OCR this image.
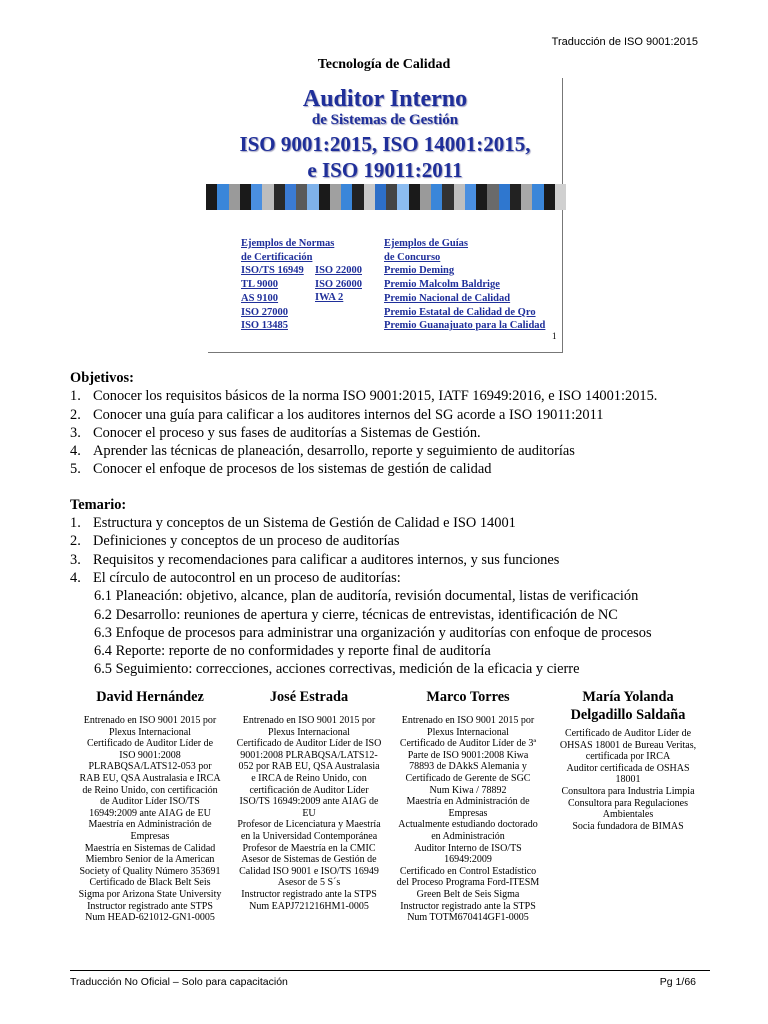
Traducción de ISO 9001:2015
Tecnología de Calidad
Auditor Interno
de Sistemas de Gestión
ISO 9001:2015, ISO 14001:2015,
e ISO 19011:2011
Ejemplos de Normas
de Certificación
ISO/TS 16949
TL 9000
AS 9100
ISO 27000
ISO 13485
ISO 22000
ISO 26000
IWA 2
Ejemplos de Guías
de Concurso
Premio Deming
Premio Malcolm Baldrige
Premio Nacional de Calidad
Premio Estatal de Calidad de Qro
Premio Guanajuato para la Calidad
1
Objetivos:
1. Conocer los requisitos básicos de la norma ISO 9001:2015, IATF 16949:2016, e ISO 14001:2015.
2. Conocer una guía para calificar a los auditores internos del SG acorde a ISO 19011:2011
3. Conocer el proceso y sus fases de auditorías a Sistemas de Gestión.
4. Aprender las técnicas de planeación, desarrollo, reporte y seguimiento de auditorías
5. Conocer el enfoque de procesos de los sistemas de gestión de calidad
Temario:
1. Estructura y conceptos de un Sistema de Gestión de Calidad e ISO 14001
2. Definiciones y conceptos de un proceso de auditorías
3. Requisitos y recomendaciones para calificar a auditores internos, y sus funciones
4. El círculo de autocontrol en un proceso de auditorías:
6.1 Planeación: objetivo, alcance, plan de auditoría, revisión documental, listas de verificación
6.2 Desarrollo: reuniones de apertura y cierre, técnicas de entrevistas, identificación de NC
6.3 Enfoque de procesos para administrar una organización y auditorías con enfoque de procesos
6.4 Reporte: reporte de no conformidades y reporte final de auditoría
6.5 Seguimiento: correcciones, acciones correctivas, medición de la eficacia y cierre
David Hernández
Entrenado en ISO 9001 2015 por
Plexus Internacional
Certificado de Auditor Líder de
ISO 9001:2008
PLRABQSA/LATS12-053 por
RAB EU, QSA Australasia e IRCA
de Reino Unido, con certificación
de Auditor Líder ISO/TS
16949:2009 ante AIAG de EU
Maestría en Administración de
Empresas
Maestría en Sistemas de Calidad
Miembro Senior de la American
Society of Quality Número 353691
Certificado de Black Belt Seis
Sigma por Arizona State University
Instructor registrado ante STPS
Num HEAD-621012-GN1-0005
José Estrada
Entrenado en ISO 9001 2015 por
Plexus Internacional
Certificado de Auditor Líder de ISO
9001:2008 PLRABQSA/LATS12-
052 por RAB EU, QSA Australasia
e IRCA de Reino Unido, con
certificación de Auditor Líder
ISO/TS 16949:2009 ante AIAG de
EU
Profesor de Licenciatura y Maestría
en la Universidad Contemporánea
Profesor de Maestría en la CMIC
Asesor de Sistemas de Gestión de
Calidad ISO 9001 e ISO/TS 16949
Asesor de 5 S´s
Instructor registrado ante la STPS
Num EAPJ721216HM1-0005
Marco Torres
Entrenado en ISO 9001 2015 por
Plexus Internacional
Certificado de Auditor Líder de 3ª
Parte de ISO 9001:2008 Kiwa
78893 de DAkkS Alemania y
Certificado de Gerente de SGC
Num Kiwa / 78892
Maestría en Administración de
Empresas
Actualmente estudiando doctorado
en Administración
Auditor Interno de ISO/TS
16949:2009
Certificado en Control Estadístico
del Proceso Programa Ford-ITESM
Green Belt de Seis Sigma
Instructor registrado ante la STPS
Num TOTM670414GF1-0005
María Yolanda Delgadillo Saldaña
Certificado de Auditor Líder de
OHSAS 18001 de Bureau Veritas,
certificada por IRCA
Auditor certificada de OSHAS
18001
Consultora para Industria Limpia
Consultora para Regulaciones
Ambientales
Socia fundadora de BIMAS
Traducción No Oficial – Solo para capacitación	Pg 1/66
